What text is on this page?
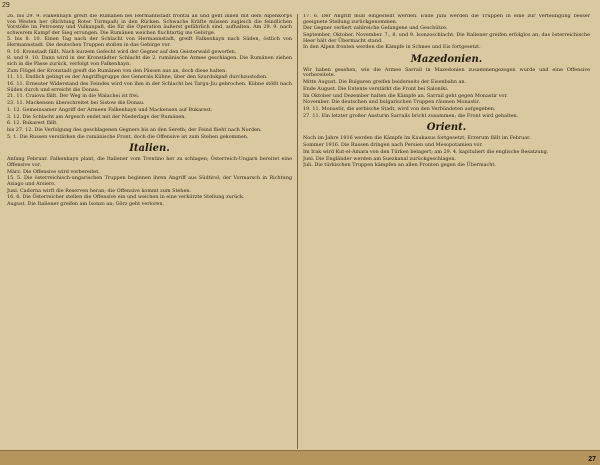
29

26. bis 29. 9. Falkenhayn greift die Rumänen bei Hermannstadt frontal an und geht ihnen mit dem Alpenkorps von Westen her (Richtung Roter Turmpaß) in den Rücken. Schwache Kräfte müssen zugleich die feindlichen Vorstöße im Petroseny und Vulkanpaß, die für die Operation äußerst gefährlich sind, aufhalten. Am 29. 9. nach schwerem Kampf der Sieg errungen. Die Rumänen weichen fluchtartig ins Gebirge.

5. bis 8. 10. Einen Tag nach der Schlacht von Hermannstadt, greift Falkenhayn nach Süden, östlich von Hermannstadt. Die deutschen Truppen stoßen in das Gebirge vor.

9. 10. Kronstadt fällt. Nach kurzem Gefecht wird der Gegner auf den Geisterwald geworfen.

8. und 9. 10. Dann wird in der Kronstädter Schlacht die 2. rumänische Armee geschlagen. Die Rumänen ziehen sich in die Pässe zurück, verfolgt von Falkenhayn.

Zum Flügel der Kronstadt greift die Rumänen von den Pässen aus an, doch diese halten.

11. 11. Endlich gelingt es der Angriffsgruppe des Generals Kühne, über den Szurdukpaß durchzustoßen.

16. 11. Erneuter Widerstand des Feindes wird von ihm in der Schlacht bei Targu-Jiu gebrochen. Kühne stößt nach Süden durch und erreicht die Donau.

21. 11. Craiova fällt. Der Weg in die Walachei ist frei.

23. 11. Mackensen überschreitet bei Sistow die Donau.

1. 12. Gemeinsamer Angriff der Armeen Falkenhayn und Mackensen auf Bukarest.

3. 12. Die Schlacht am Argesch endet mit der Niederlage der Rumänen.

6. 12. Bukarest fällt.

bis 27. 12. Die Verfolgung des geschlagenen Gegners bis an den Sereth; der Feind flieht nach Norden.

5. 1. Die Russen verstärken die rumänische Front, doch die Offensive ist zum Stehen gekommen.

Italien.

Anfang Februar. Falkenhayn plant, die Italiener vom Trentino her zu schlagen; Österreich-Ungarn bereitet eine Offensive vor.

März. Die Offensive wird vorbereitet.

15. 5. Die österreichisch-ungarischen Truppen beginnen ihren Angriff aus Südtirol; der Vormarsch in Richtung Asiago und Arsiero.

Juni. Cadorna wirft die Reserven heran; die Offensive kommt zum Stehen.

16. 6. Die Österreicher stellen die Offensive ein und weichen in eine verkürzte Stellung zurück.

August. Die Italiener greifen am Isonzo an; Görz geht verloren.

17. 6. Der Angriff muß eingestellt werden. Ende Juni werden die Truppen in eine zur Verteidigung besser geeignete Stellung zurückgenommen.

Der Gegner verliert zahlreiche Gefangene und Geschütze.

September, Oktober, November. 7., 8. und 9. Isonzoschlacht. Die Italiener greifen erfolglos an; das österreichische Heer hält der Übermacht stand.

In den Alpen fronten werden die Kämpfe in Schnee und Eis fortgesetzt.

Mazedonien.

Wir haben gesehen, wie die Armee Sarrail in Mazedonien zusammengezogen wurde und eine Offensive vorbereitete.

Mitte August. Die Bulgaren greifen beiderseits der Eisenbahn an.

Ende August. Die Entente verstärkt die Front bei Saloniki.

Im Oktober und Dezember halten die Kämpfe an. Sarrail geht gegen Monastir vor.

November. Die deutschen und bulgarischen Truppen räumen Monastir.

19. 11. Monastir, die serbische Stadt, wird von den Verbündeten aufgegeben.

27. 11. Ein letzter großer Ansturm Sarrails bricht zusammen; die Front wird gehalten.

Orient.

Noch im Jahre 1916 werden die Kämpfe im Kaukasus fortgesetzt; Erzerum fällt im Februar.

Sommer 1916. Die Russen dringen nach Persien und Mesopotamien vor.

Im Irak wird Kut-el-Amara von den Türken belagert; am 29. 4. kapituliert die englische Besatzung.

Juni. Die Engländer werden am Suezkanal zurückgeschlagen.

Juli. Die türkischen Truppen kämpfen an allen Fronten gegen die Übermacht.

27
